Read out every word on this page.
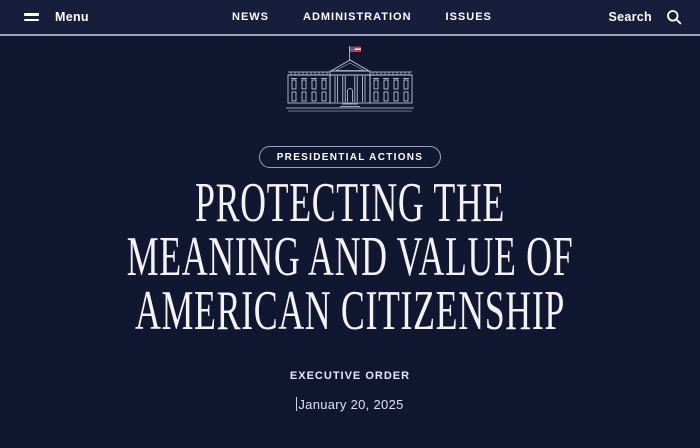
Menu	NEWS	ADMINISTRATION	ISSUES	Search
PRESIDENTIAL ACTIONS
PROTECTING THE
MEANING AND VALUE OF
AMERICAN CITIZENSHIP
EXECUTIVE ORDER
January 20, 2025
